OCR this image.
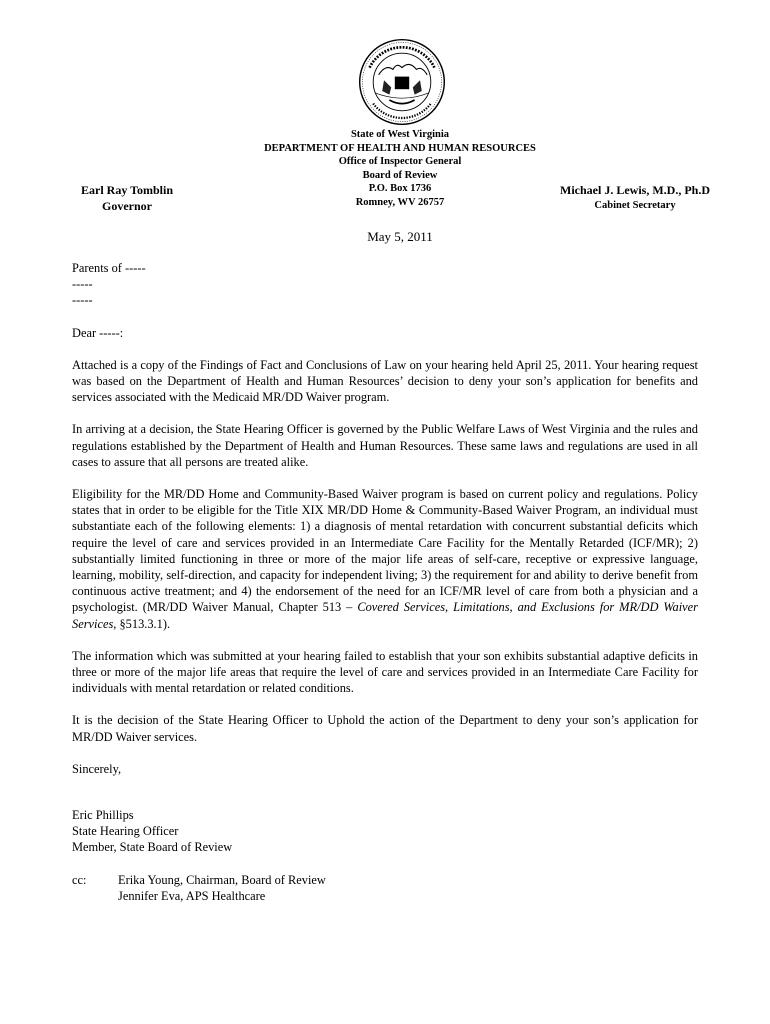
State of West Virginia
DEPARTMENT OF HEALTH AND HUMAN RESOURCES
Office of Inspector General
Board of Review
P.O. Box 1736
Romney, WV 26757
Earl Ray Tomblin
Governor
Michael J. Lewis, M.D., Ph.D
Cabinet Secretary
May 5, 2011
Parents of -----
-----
-----

Dear -----:

Attached is a copy of the Findings of Fact and Conclusions of Law on your hearing held April 25, 2011. Your hearing request was based on the Department of Health and Human Resources’ decision to deny your son’s application for benefits and services associated with the Medicaid MR/DD Waiver program.

In arriving at a decision, the State Hearing Officer is governed by the Public Welfare Laws of West Virginia and the rules and regulations established by the Department of Health and Human Resources. These same laws and regulations are used in all cases to assure that all persons are treated alike.

Eligibility for the MR/DD Home and Community-Based Waiver program is based on current policy and regulations. Policy states that in order to be eligible for the Title XIX MR/DD Home & Community-Based Waiver Program, an individual must substantiate each of the following elements: 1) a diagnosis of mental retardation with concurrent substantial deficits which require the level of care and services provided in an Intermediate Care Facility for the Mentally Retarded (ICF/MR); 2) substantially limited functioning in three or more of the major life areas of self-care, receptive or expressive language, learning, mobility, self-direction, and capacity for independent living; 3) the requirement for and ability to derive benefit from continuous active treatment; and 4) the endorsement of the need for an ICF/MR level of care from both a physician and a psychologist. (MR/DD Waiver Manual, Chapter 513 – Covered Services, Limitations, and Exclusions for MR/DD Waiver Services, §513.3.1).

The information which was submitted at your hearing failed to establish that your son exhibits substantial adaptive deficits in three or more of the major life areas that require the level of care and services provided in an Intermediate Care Facility for individuals with mental retardation or related conditions.

It is the decision of the State Hearing Officer to Uphold the action of the Department to deny your son’s application for MR/DD Waiver services.

Sincerely,

Eric Phillips
State Hearing Officer
Member, State Board of Review
cc:	Erika Young, Chairman, Board of Review
Jennifer Eva, APS Healthcare
